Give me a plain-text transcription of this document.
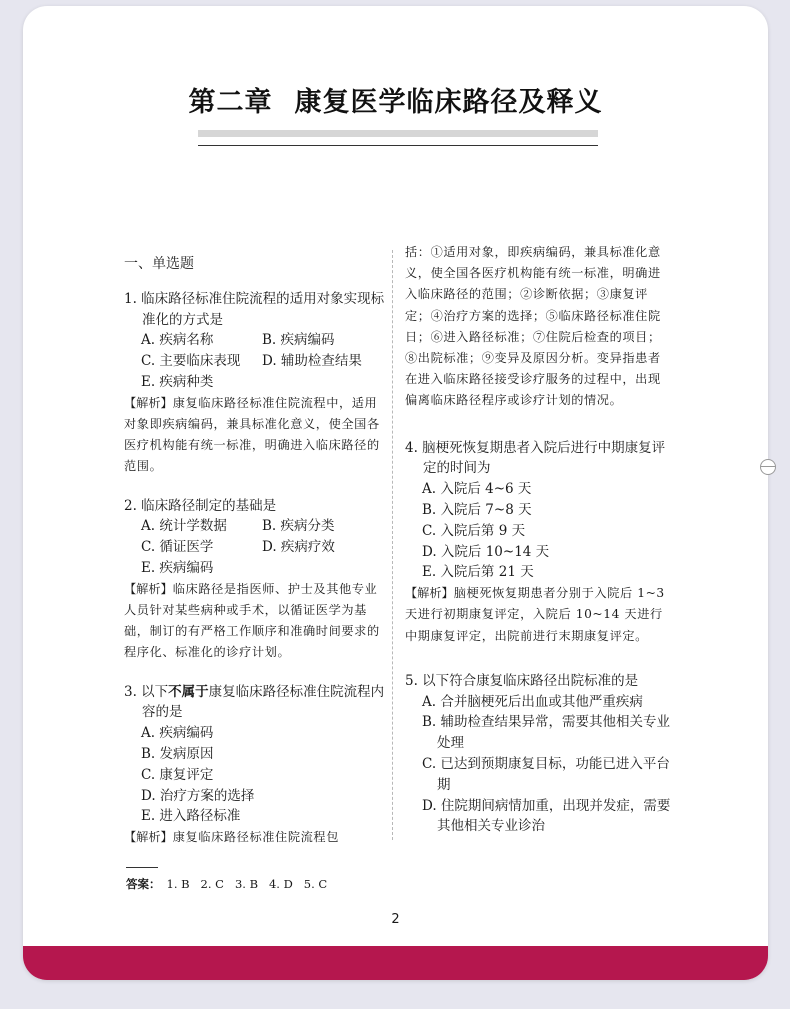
第二章 康复医学临床路径及释义
一、单选题
1. 临床路径标准住院流程的适用对象实现标准化的方式是
A. 疾病名称	B. 疾病编码
C. 主要临床表现	D. 辅助检查结果
E. 疾病种类
【解析】康复临床路径标准住院流程中，适用对象即疾病编码，兼具标准化意义，使全国各医疗机构能有统一标准，明确进入临床路径的范围。
2. 临床路径制定的基础是
A. 统计学数据	B. 疾病分类
C. 循证医学	D. 疾病疗效
E. 疾病编码
【解析】临床路径是指医师、护士及其他专业人员针对某些病种或手术，以循证医学为基础，制订的有严格工作顺序和准确时间要求的程序化、标准化的诊疗计划。
3. 以下不属于康复临床路径标准住院流程内容的是
A. 疾病编码
B. 发病原因
C. 康复评定
D. 治疗方案的选择
E. 进入路径标准
【解析】康复临床路径标准住院流程包
括：①适用对象，即疾病编码，兼具标准化意义，使全国各医疗机构能有统一标准，明确进入临床路径的范围；②诊断依据；③康复评定；④治疗方案的选择；⑤临床路径标准住院日；⑥进入路径标准；⑦住院后检查的项目；⑧出院标准；⑨变异及原因分析。变异指患者在进入临床路径接受诊疗服务的过程中，出现偏离临床路径程序或诊疗计划的情况。
4. 脑梗死恢复期患者入院后进行中期康复评定的时间为
A. 入院后 4~6 天
B. 入院后 7~8 天
C. 入院后第 9 天
D. 入院后 10~14 天
E. 入院后第 21 天
【解析】脑梗死恢复期患者分别于入院后 1~3 天进行初期康复评定，入院后 10~14 天进行中期康复评定，出院前进行末期康复评定。
5. 以下符合康复临床路径出院标准的是
A. 合并脑梗死后出血或其他严重疾病
B. 辅助检查结果异常，需要其他相关专业处理
C. 已达到预期康复目标，功能已进入平台期
D. 住院期间病情加重，出现并发症，需要其他相关专业诊治
答案： 1. B   2. C   3. B   4. D   5. C
2
